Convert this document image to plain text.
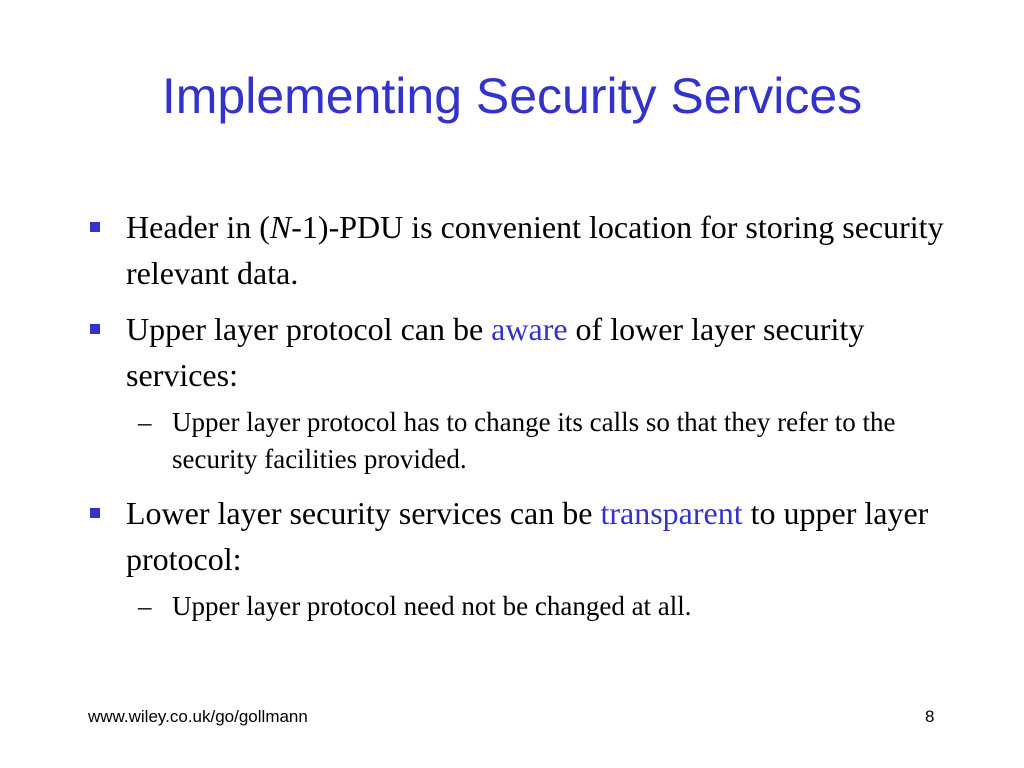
Implementing Security Services
Header in (N-1)-PDU is convenient location for storing security relevant data.
Upper layer protocol can be aware of lower layer security services:
– Upper layer protocol has to change its calls so that they refer to the security facilities provided.
Lower layer security services can be transparent to upper layer protocol:
– Upper layer protocol need not be changed at all.
www.wiley.co.uk/go/gollmann	8
